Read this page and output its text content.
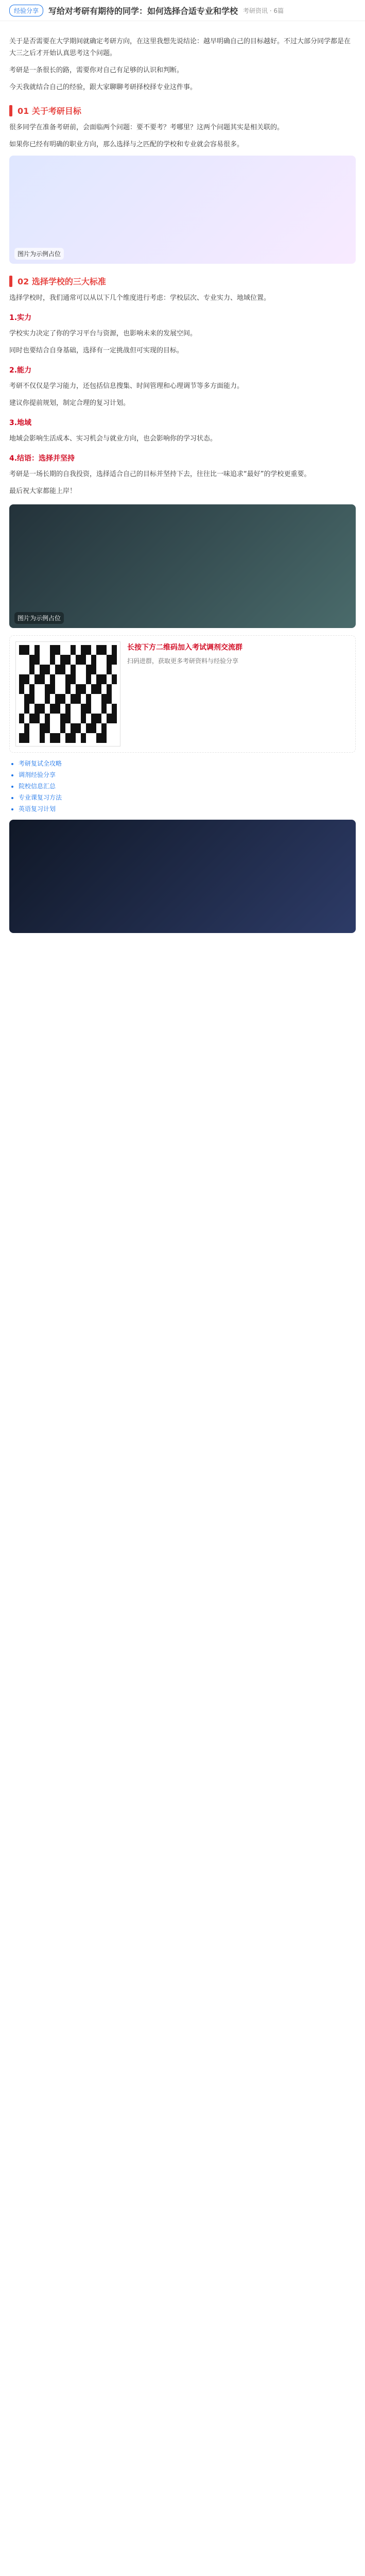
经验分享	写给对考研有期待的同学：如何选择合适专业和学校 考研资讯 · 6篇
关于是否需要在大学期间就确定考研方向，在这里我想先说结论：越早明确自己的目标越好。不过大部分同学都是在大三之后才开始认真思考这个问题。
考研是一条很长的路，需要你对自己有足够的认识和判断。
今天我就结合自己的经验，跟大家聊聊考研择校择专业这件事。
01 关于考研目标
很多同学在准备考研前，会面临两个问题：要不要考？考哪里？这两个问题其实是相关联的。
如果你已经有明确的职业方向，那么选择与之匹配的学校和专业就会容易很多。
图片为示例占位
02 选择学校的三大标准
选择学校时，我们通常可以从以下几个维度进行考虑：学校层次、专业实力、地域位置。
1.实力
学校实力决定了你的学习平台与资源，也影响未来的发展空间。
同时也要结合自身基础，选择有一定挑战但可实现的目标。
2.能力
考研不仅仅是学习能力，还包括信息搜集、时间管理和心理调节等多方面能力。
建议你提前规划，制定合理的复习计划。
3.地域
地域会影响生活成本、实习机会与就业方向，也会影响你的学习状态。
4.结语：选择并坚持
考研是一场长期的自我投资，选择适合自己的目标并坚持下去，往往比一味追求“最好”的学校更重要。
最后祝大家都能上岸！
图片为示例占位
长按下方二维码加入考试调剂交流群
扫码进群，获取更多考研资料与经验分享
• 考研复试全攻略
• 调剂经验分享
• 院校信息汇总
• 专业课复习方法
• 英语复习计划
